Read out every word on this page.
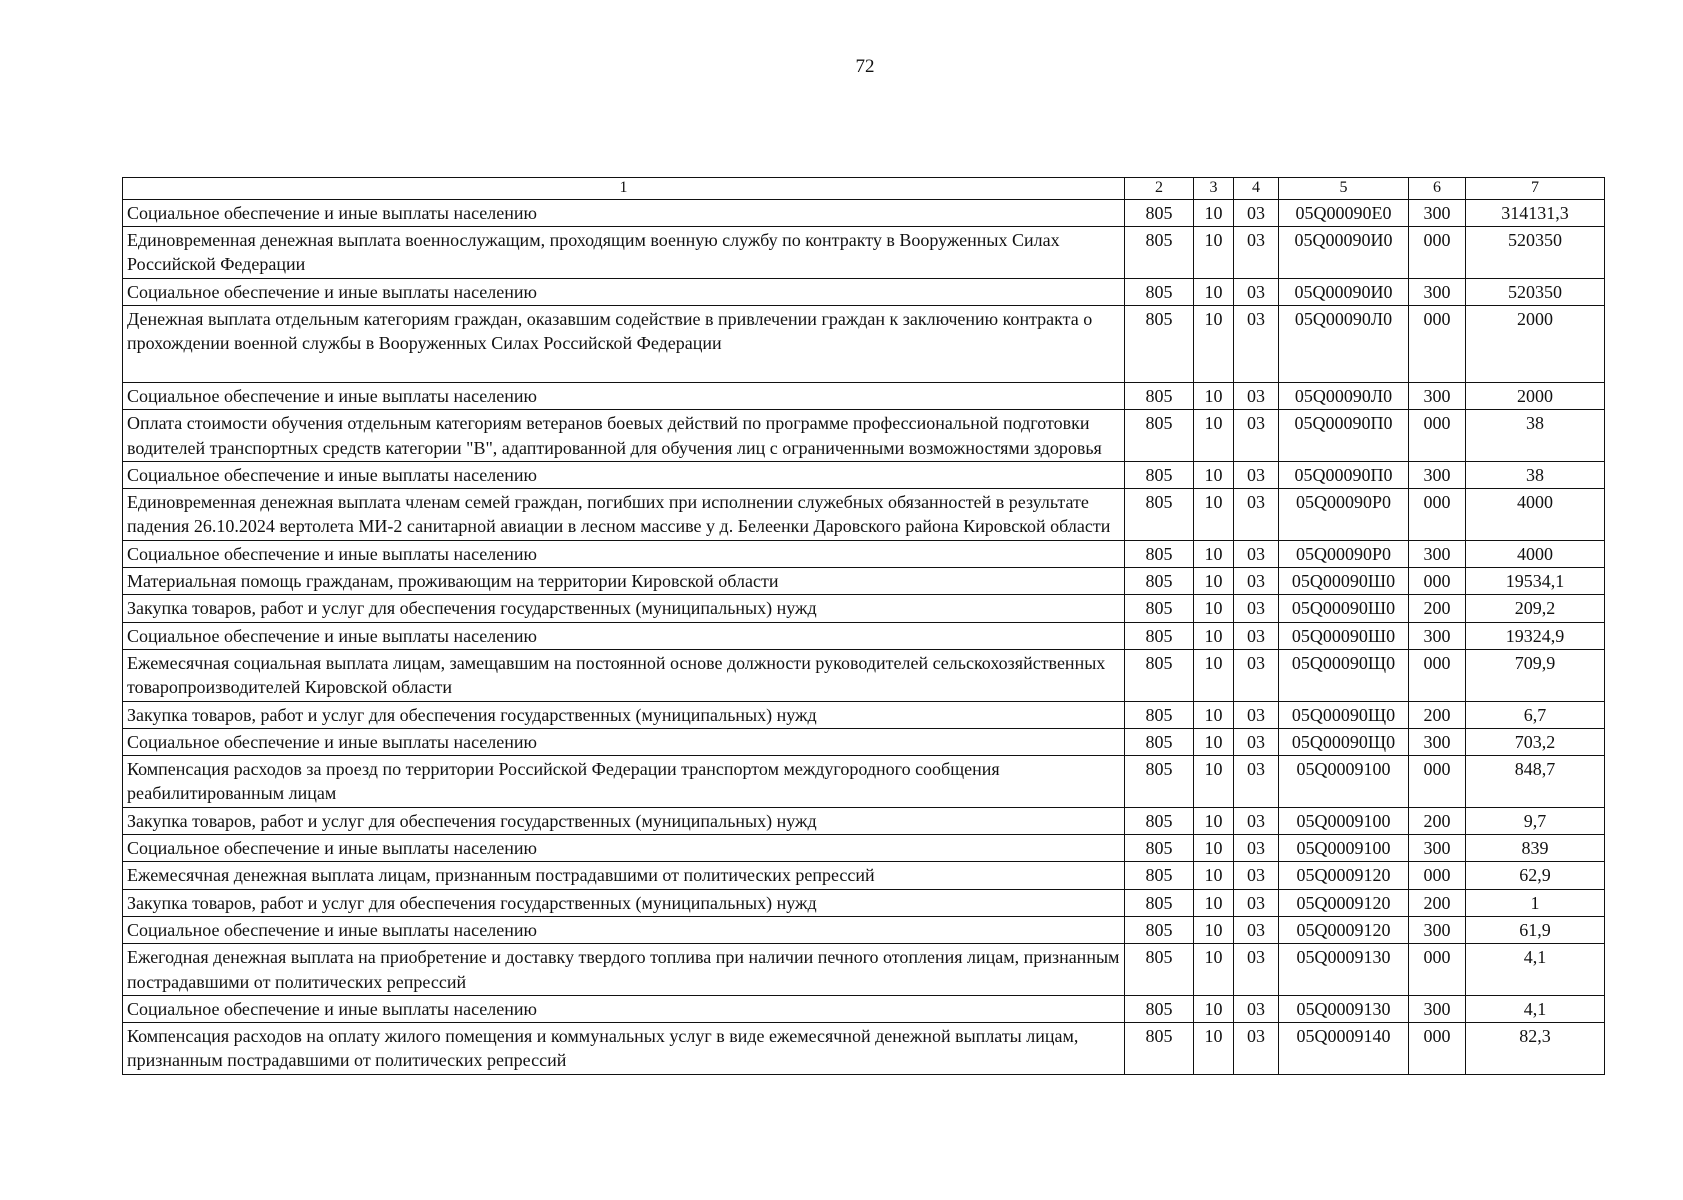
72
1	2	3	4	5	6	7
Социальное обеспечение и иные выплаты населению	805	10	03	05Q00090Е0	300	314131,3
Единовременная денежная выплата военнослужащим, проходящим военную службу по контракту в Вооруженных Силах Российской Федерации	805	10	03	05Q00090И0	000	520350
Социальное обеспечение и иные выплаты населению	805	10	03	05Q00090И0	300	520350
Денежная выплата отдельным категориям граждан, оказавшим содействие в привлечении граждан к заключению контракта о прохождении военной службы в Вооруженных Силах Российской Федерации	805	10	03	05Q00090Л0	000	2000
Социальное обеспечение и иные выплаты населению	805	10	03	05Q00090Л0	300	2000
Оплата стоимости обучения отдельным категориям ветеранов боевых действий по программе профессиональной подготовки водителей транспортных средств категории "B", адаптированной для обучения лиц с ограниченными возможностями здоровья	805	10	03	05Q00090П0	000	38
Социальное обеспечение и иные выплаты населению	805	10	03	05Q00090П0	300	38
Единовременная денежная выплата членам семей граждан, погибших при исполнении служебных обязанностей в результате падения 26.10.2024 вертолета МИ-2 санитарной авиации в лесном массиве у д. Белеенки Даровского района Кировской области	805	10	03	05Q00090Р0	000	4000
Социальное обеспечение и иные выплаты населению	805	10	03	05Q00090Р0	300	4000
Материальная помощь гражданам, проживающим на территории Кировской области	805	10	03	05Q00090Ш0	000	19534,1
Закупка товаров, работ и услуг для обеспечения государственных (муниципальных) нужд	805	10	03	05Q00090Ш0	200	209,2
Социальное обеспечение и иные выплаты населению	805	10	03	05Q00090Ш0	300	19324,9
Ежемесячная социальная выплата лицам, замещавшим на постоянной основе должности руководителей сельскохозяйственных товаропроизводителей Кировской области	805	10	03	05Q00090Щ0	000	709,9
Закупка товаров, работ и услуг для обеспечения государственных (муниципальных) нужд	805	10	03	05Q00090Щ0	200	6,7
Социальное обеспечение и иные выплаты населению	805	10	03	05Q00090Щ0	300	703,2
Компенсация расходов за проезд по территории Российской Федерации транспортом междугородного сообщения реабилитированным лицам	805	10	03	05Q0009100	000	848,7
Закупка товаров, работ и услуг для обеспечения государственных (муниципальных) нужд	805	10	03	05Q0009100	200	9,7
Социальное обеспечение и иные выплаты населению	805	10	03	05Q0009100	300	839
Ежемесячная денежная выплата лицам, признанным пострадавшими от политических репрессий	805	10	03	05Q0009120	000	62,9
Закупка товаров, работ и услуг для обеспечения государственных (муниципальных) нужд	805	10	03	05Q0009120	200	1
Социальное обеспечение и иные выплаты населению	805	10	03	05Q0009120	300	61,9
Ежегодная денежная выплата на приобретение и доставку твердого топлива при наличии печного отопления лицам, признанным пострадавшими от политических репрессий	805	10	03	05Q0009130	000	4,1
Социальное обеспечение и иные выплаты населению	805	10	03	05Q0009130	300	4,1
Компенсация расходов на оплату жилого помещения и коммунальных услуг в виде ежемесячной денежной выплаты лицам, признанным пострадавшими от политических репрессий	805	10	03	05Q0009140	000	82,3
